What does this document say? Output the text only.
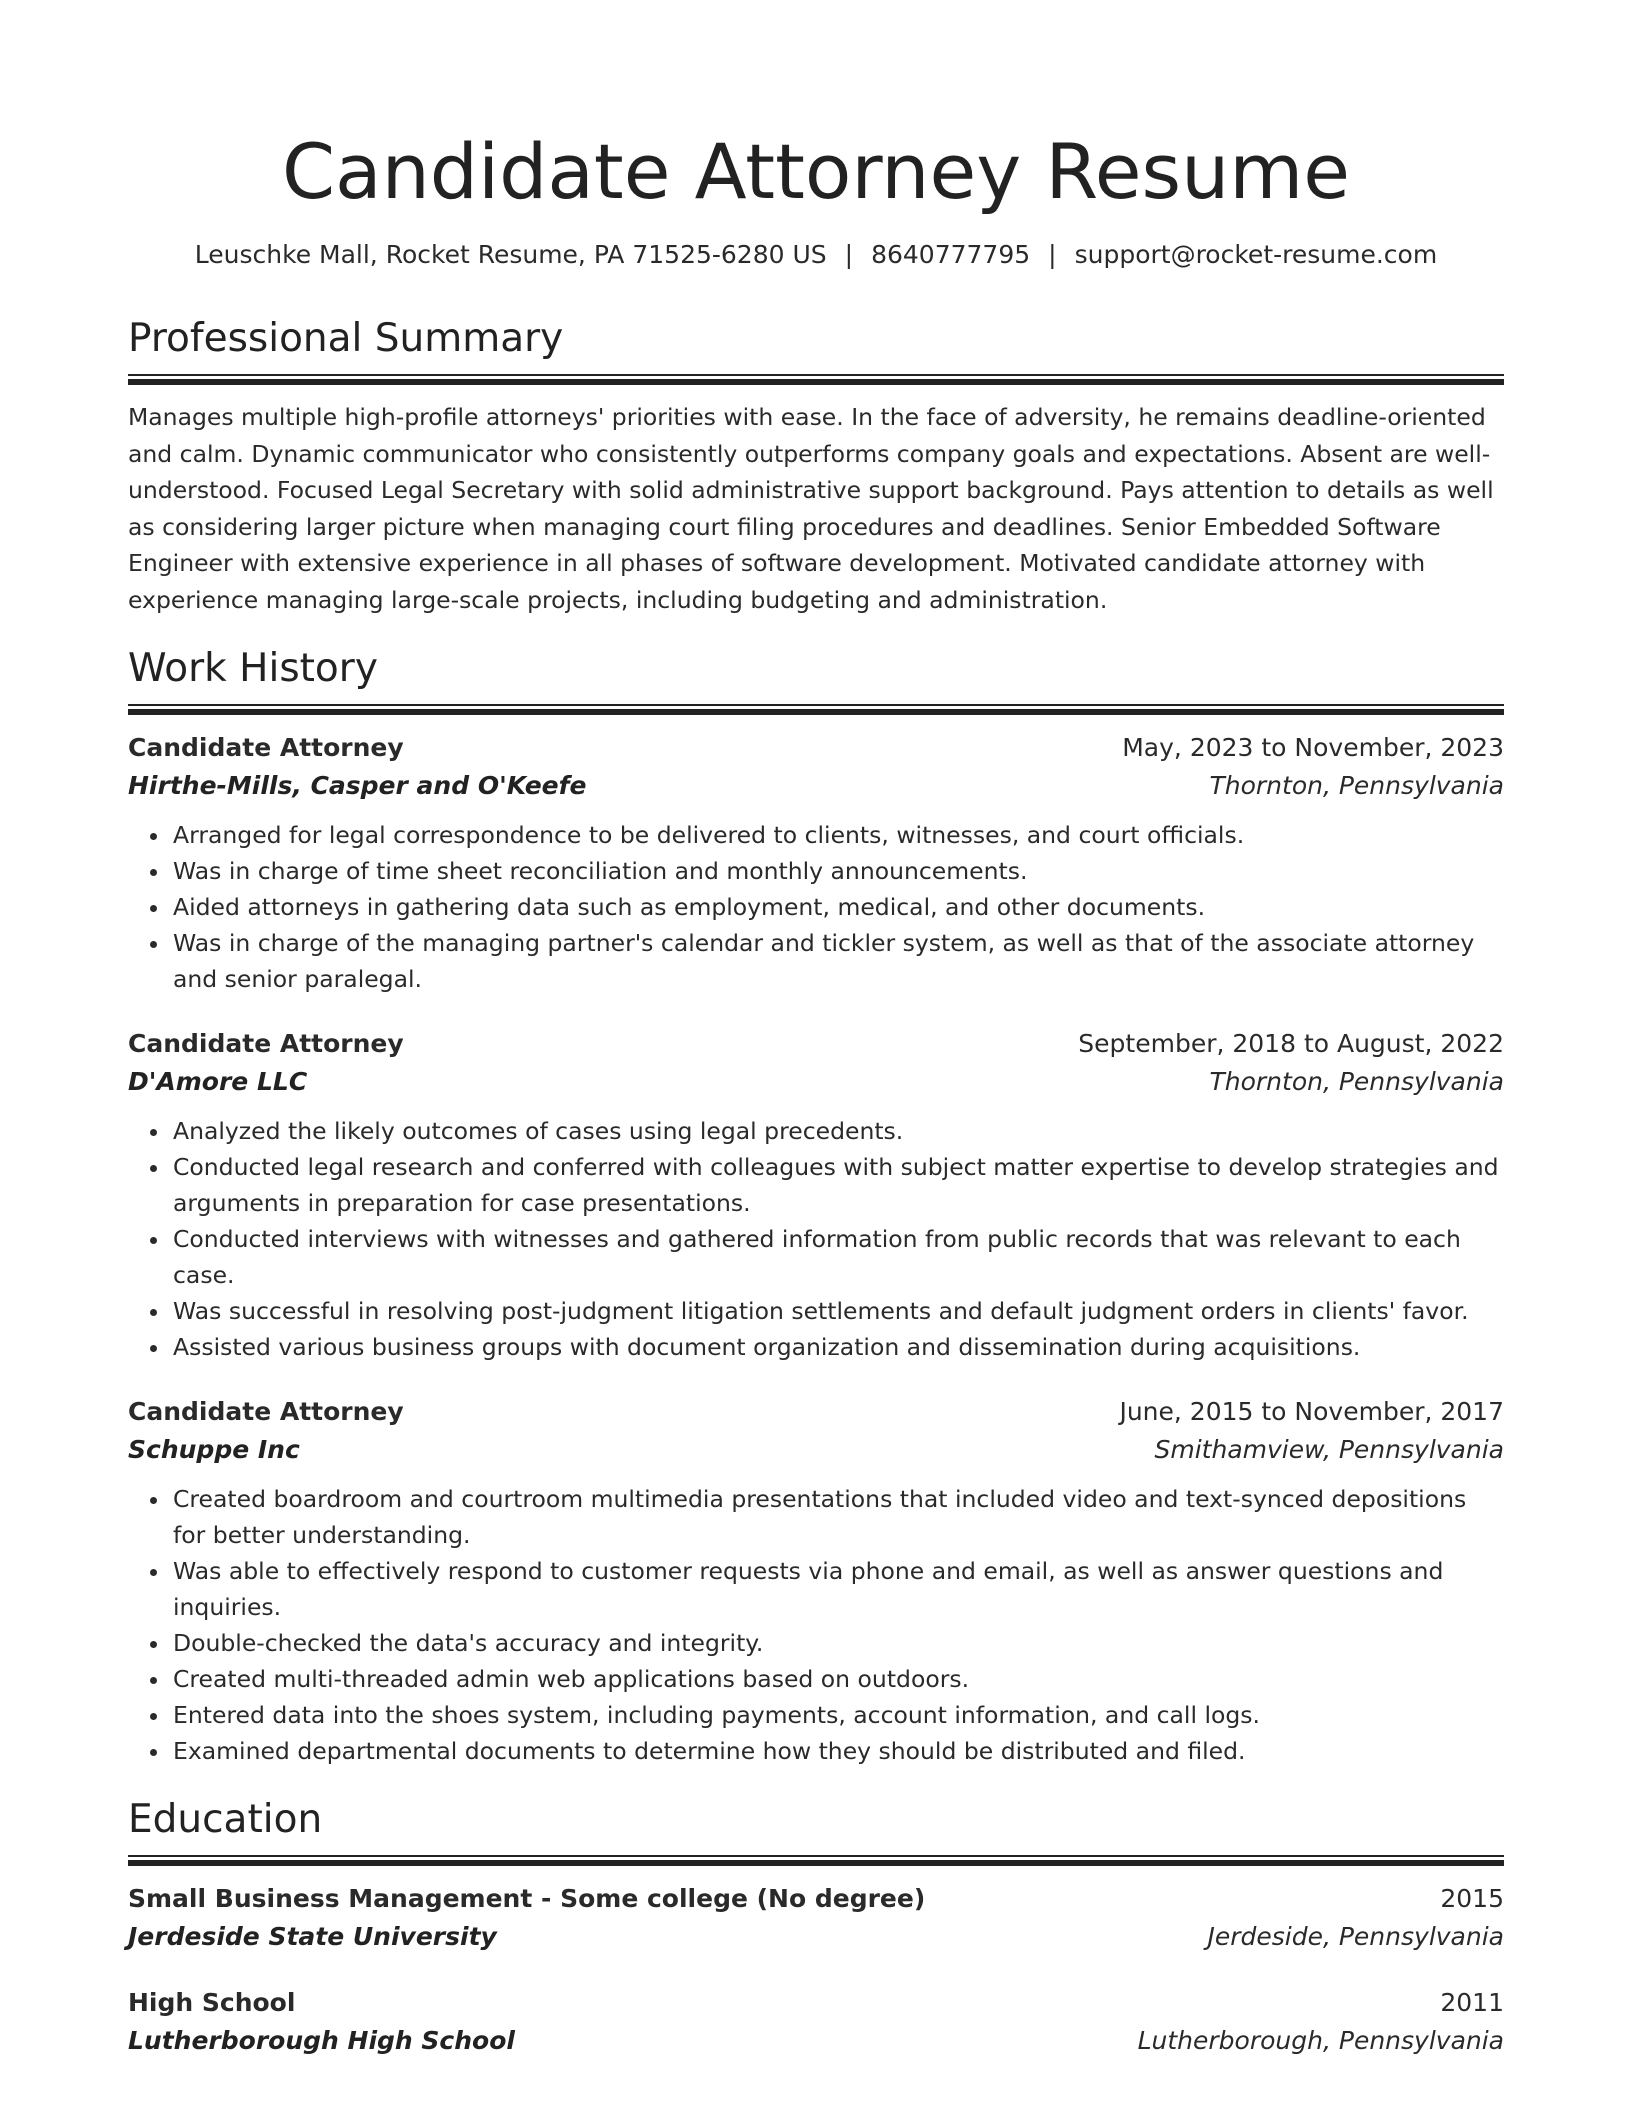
Candidate Attorney Resume
Leuschke Mall, Rocket Resume, PA 71525-6280 US | 8640777795 | support@rocket-resume.com
Professional Summary

Manages multiple high-profile attorneys' priorities with ease. In the face of adversity, he remains deadline-oriented and calm. Dynamic communicator who consistently outperforms company goals and expectations. Absent are well-understood. Focused Legal Secretary with solid administrative support background. Pays attention to details as well as considering larger picture when managing court filing procedures and deadlines. Senior Embedded Software Engineer with extensive experience in all phases of software development. Motivated candidate attorney with experience managing large-scale projects, including budgeting and administration.

Work History
Candidate Attorney	May, 2023 to November, 2023
Hirthe-Mills, Casper and O'Keefe	Thornton, Pennsylvania
• Arranged for legal correspondence to be delivered to clients, witnesses, and court officials.
• Was in charge of time sheet reconciliation and monthly announcements.
• Aided attorneys in gathering data such as employment, medical, and other documents.
• Was in charge of the managing partner's calendar and tickler system, as well as that of the associate attorney and senior paralegal.
Candidate Attorney	September, 2018 to August, 2022
D'Amore LLC	Thornton, Pennsylvania
• Analyzed the likely outcomes of cases using legal precedents.
• Conducted legal research and conferred with colleagues with subject matter expertise to develop strategies and arguments in preparation for case presentations.
• Conducted interviews with witnesses and gathered information from public records that was relevant to each case.
• Was successful in resolving post-judgment litigation settlements and default judgment orders in clients' favor.
• Assisted various business groups with document organization and dissemination during acquisitions.
Candidate Attorney	June, 2015 to November, 2017
Schuppe Inc	Smithamview, Pennsylvania
• Created boardroom and courtroom multimedia presentations that included video and text-synced depositions for better understanding.
• Was able to effectively respond to customer requests via phone and email, as well as answer questions and inquiries.
• Double-checked the data's accuracy and integrity.
• Created multi-threaded admin web applications based on outdoors.
• Entered data into the shoes system, including payments, account information, and call logs.
• Examined departmental documents to determine how they should be distributed and filed.
Education
Small Business Management - Some college (No degree)	2015
Jerdeside State University	Jerdeside, Pennsylvania
High School	2011
Lutherborough High School	Lutherborough, Pennsylvania
